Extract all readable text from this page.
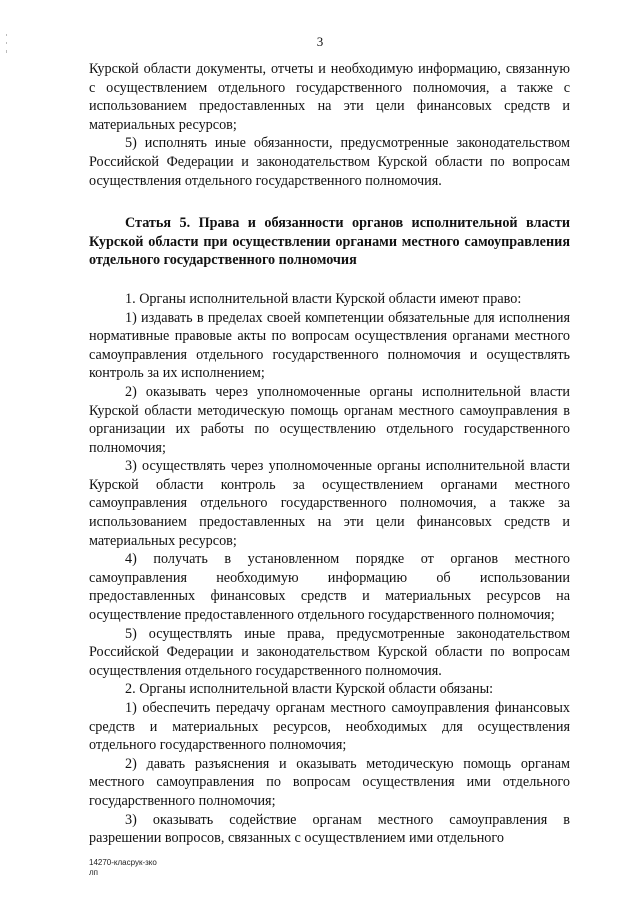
3

Курской области документы, отчеты и необходимую информацию, связанную с осуществлением отдельного государственного полномочия, а также с использованием предоставленных на эти цели финансовых средств и материальных ресурсов;

5) исполнять иные обязанности, предусмотренные законодательством Российской Федерации и законодательством Курской области по вопросам осуществления отдельного государственного полномочия.

Статья 5. Права и обязанности органов исполнительной власти Курской области при осуществлении органами местного самоуправления отдельного государственного полномочия

1. Органы исполнительной власти Курской области имеют право:

1) издавать в пределах своей компетенции обязательные для исполнения нормативные правовые акты по вопросам осуществления органами местного самоуправления отдельного государственного полномочия и осуществлять контроль за их исполнением;

2) оказывать через уполномоченные органы исполнительной власти Курской области методическую помощь органам местного самоуправления в организации их работы по осуществлению отдельного государственного полномочия;

3) осуществлять через уполномоченные органы исполнительной власти Курской области контроль за осуществлением органами местного самоуправления отдельного государственного полномочия, а также за использованием предоставленных на эти цели финансовых средств и материальных ресурсов;

4) получать в установленном порядке от органов местного самоуправления необходимую информацию об использовании предоставленных финансовых средств и материальных ресурсов на осуществление предоставленного отдельного государственного полномочия;

5) осуществлять иные права, предусмотренные законодательством Российской Федерации и законодательством Курской области по вопросам осуществления отдельного государственного полномочия.

2. Органы исполнительной власти Курской области обязаны:

1) обеспечить передачу органам местного самоуправления финансовых средств и материальных ресурсов, необходимых для осуществления отдельного государственного полномочия;

2) давать разъяснения и оказывать методическую помощь органам местного самоуправления по вопросам осуществления ими отдельного государственного полномочия;

3) оказывать содействие органам местного самоуправления в разрешении вопросов, связанных с осуществлением ими отдельного

14270-класрук-зко
лп
